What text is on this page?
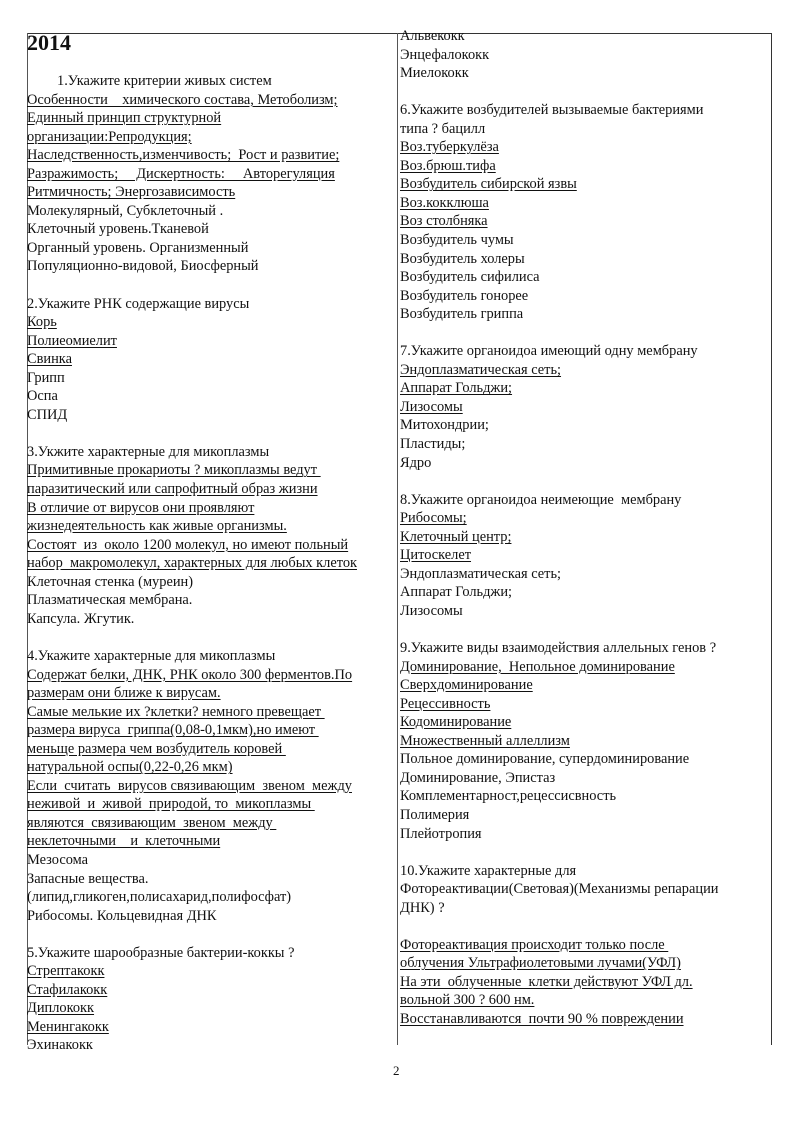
2014
1.Укажите критерии живых систем
Особенности    химического состава, Метоболизм;
Единный принцип структурной
организации:Репродукция;
Наследственность,изменчивость;  Рост и развитие;
Разражимость;     Дискертность:     Авторегуляция
Ритмичность; Энергозависимость
Молекулярный, Субклеточный .
Клеточный уровень.Тканевой
Органный уровень. Организменный
Популяционно-видовой, Биосферный
2.Укажите РНК содержащие вирусы
Корь
Полиеомиелит
Свинка
Грипп
Оспа
СПИД
3.Укжите характерные для микоплазмы
Примитивные прокариоты ? микоплазмы ведут
паразитический или сапрофитный образ жизни
В отличие от вирусов они проявляют
жизнедеятельность как живые организмы.
Состоят  из  около 1200 молекул, но имеют польный
набор  макромолекул, характерных для любых клеток
Клеточная стенка (муреин)
Плазматическая мембрана.
Капсула. Жгутик.
4.Укажите характерные для микоплазмы
Содержат белки, ДНК, РНК около 300 ферментов.По
размерам они ближе к вирусам.
Самые мелькие их ?клетки? немного превещает
размера вируса  гриппа(0,08-0,1мкм),но имеют
меньще размера чем возбудитель коровей
натуральной оспы(0,22-0,26 мкм)
Если  считать  вирусов связивающим  звеном  между
неживой  и  живой  природой, то  микоплазмы
являются  связивающим  звеном  между
неклеточными    и  клеточными
Мезосома
Запасные вещества.
(липид,гликоген,полисахарид,полифосфат)
Рибосомы. Кольцевидная ДНК
5.Укажите шарообразные бактерии-коккы ?
Стрептакокк
Стафилакокк
Диплококк
Менингакокк
Эхинакокк
Альвекокк
Энцефалококк
Миелококк
6.Укажите возбудителей вызываемые бактериями
типа ? бацилл
Воз.туберкулёза
Воз.брюш.тифа
Возбудитель сибирской язвы
Воз.кокклюша
Воз столбняка
Возбудитель чумы
Возбудитель холеры
Возбудитель сифилиса
Возбудитель гонорее
Возбудитель гриппа
7.Укажите органоидоа имеющий одну мембрану
Эндоплазматическая сеть;
Аппарат Гольджи;
Лизосомы
Митохондрии;
Пластиды;
Ядро
8.Укажите органоидоа неимеющие  мембрану
Рибосомы;
Клеточный центр;
Цитоскелет
Эндоплазматическая сеть;
Аппарат Гольджи;
Лизосомы
9.Укажите виды взаимодействия аллельных генов ?
Доминирование,  Непольное доминирование
Сверхдоминирование
Рецессивность
Кодоминирование
Множественный аллеллизм
Польное доминирование, супердоминирование
Доминирование, Эпистаз
Комплементарност,рецессисвность
Полимерия
Плейотропия
10.Укажите характерные для
Фотореактивации(Световая)(Механизмы репарации
ДНК) ?
Фотореактивация происходит только после
облучения Ультрафиолетовыми лучами(УФЛ)
На эти  облученные  клетки действуют УФЛ дл.
вольной 300 ? 600 нм.
Восстанавливаются  почти 90 % повреждении
2
